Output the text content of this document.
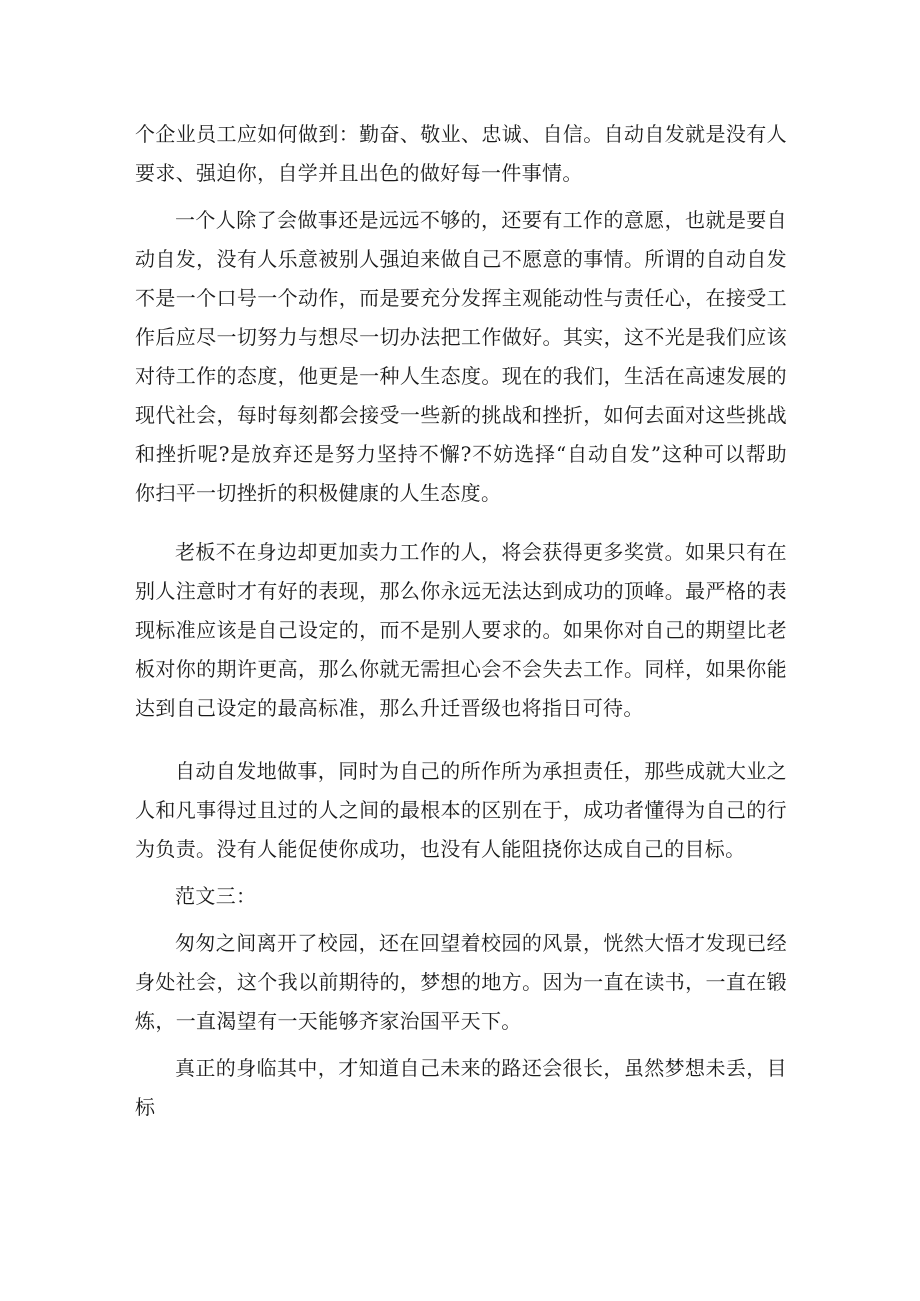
个企业员工应如何做到：勤奋、敬业、忠诚、自信。自动自发就是没有人要求、强迫你，自学并且出色的做好每一件事情。

一个人除了会做事还是远远不够的，还要有工作的意愿，也就是要自动自发，没有人乐意被别人强迫来做自己不愿意的事情。所谓的自动自发不是一个口号一个动作，而是要充分发挥主观能动性与责任心，在接受工作后应尽一切努力与想尽一切办法把工作做好。其实，这不光是我们应该对待工作的态度，他更是一种人生态度。现在的我们，生活在高速发展的现代社会，每时每刻都会接受一些新的挑战和挫折，如何去面对这些挑战和挫折呢?是放弃还是努力坚持不懈?不妨选择“自动自发”这种可以帮助你扫平一切挫折的积极健康的人生态度。

老板不在身边却更加卖力工作的人，将会获得更多奖赏。如果只有在别人注意时才有好的表现，那么你永远无法达到成功的顶峰。最严格的表现标准应该是自己设定的，而不是别人要求的。如果你对自己的期望比老板对你的期许更高，那么你就无需担心会不会失去工作。同样，如果你能达到自己设定的最高标准，那么升迁晋级也将指日可待。

自动自发地做事，同时为自己的所作所为承担责任，那些成就大业之人和凡事得过且过的人之间的最根本的区别在于，成功者懂得为自己的行为负责。没有人能促使你成功，也没有人能阻挠你达成自己的目标。

范文三：

匆匆之间离开了校园，还在回望着校园的风景，恍然大悟才发现已经身处社会，这个我以前期待的，梦想的地方。因为一直在读书，一直在锻炼，一直渴望有一天能够齐家治国平天下。

真正的身临其中，才知道自己未来的路还会很长，虽然梦想未丢，目标
